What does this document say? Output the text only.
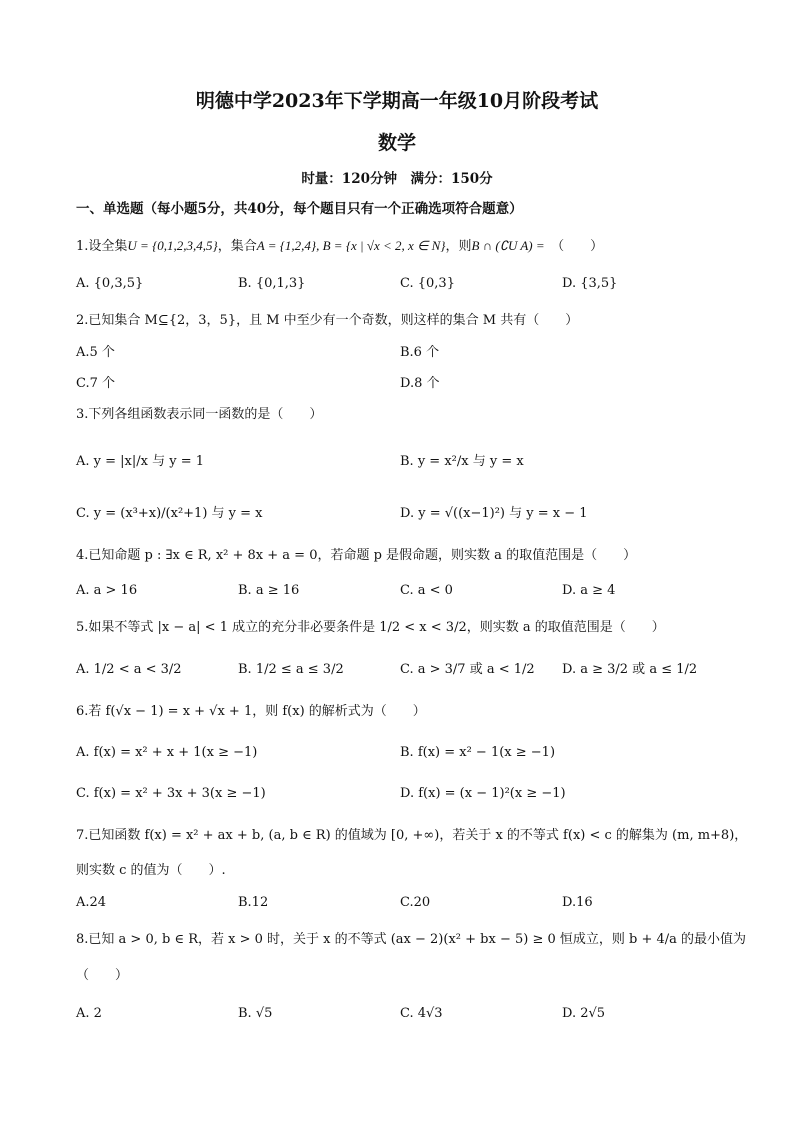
明德中学2023年下学期高一年级10月阶段考试
数学
时量：120分钟　满分：150分
一、单选题（每小题5分，共40分，每个题目只有一个正确选项符合题意）
1.设全集U = {0,1,2,3,4,5}，集合A = {1,2,4}, B = {x | √x < 2, x ∈ N}，则B ∩ (∁U A) =　 （　　）
A. {0,3,5}	B. {0,1,3}	C. {0,3}	D. {3,5}
2.已知集合 M⊆{2，3，5}，且 M 中至少有一个奇数，则这样的集合 M 共有（　　）
A.5 个	B.6 个
C.7 个	D.8 个
3.下列各组函数表示同一函数的是（　　）
A. y = |x|/x 与 y = 1	B. y = x²/x 与 y = x
C. y = (x³+x)/(x²+1) 与 y = x	D. y = √((x−1)²) 与 y = x − 1
4.已知命题 p : ∃x ∈ R, x² + 8x + a = 0，若命题 p 是假命题，则实数 a 的取值范围是（　　）
A. a > 16	B. a ≥ 16	C. a < 0	D. a ≥ 4
5.如果不等式 |x − a| < 1 成立的充分非必要条件是 1/2 < x < 3/2，则实数 a 的取值范围是（　　）
A. 1/2 < a < 3/2	B. 1/2 ≤ a ≤ 3/2	C. a > 3/7 或 a < 1/2 D. a ≥ 3/2 或 a ≤ 1/2
6.若 f(√x − 1) = x + √x + 1，则 f(x) 的解析式为（　　）
A. f(x) = x² + x + 1(x ≥ −1)	B. f(x) = x² − 1(x ≥ −1)
C. f(x) = x² + 3x + 3(x ≥ −1)	D. f(x) = (x − 1)²(x ≥ −1)
7.已知函数 f(x) = x² + ax + b, (a, b ∈ R) 的值域为 [0, +∞)，若关于 x 的不等式 f(x) < c 的解集为 (m, m+8)，
则实数 c 的值为（　　）.
A.24	B.12	C.20	D.16
8.已知 a > 0, b ∈ R，若 x > 0 时，关于 x 的不等式 (ax − 2)(x² + bx − 5) ≥ 0 恒成立，则 b + 4/a 的最小值为
（　　）
A. 2	B. √5	C. 4√3	D. 2√5
